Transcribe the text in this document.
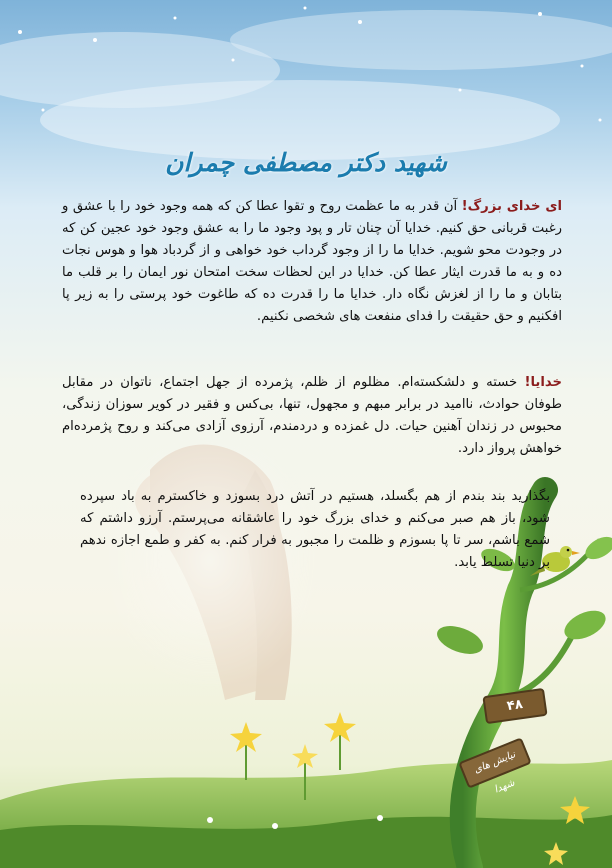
شهید دکتر مصطفی چمران
ای خدای بزرگ! آن قدر به ما عظمت روح و تقوا عطا کن که همه وجود خود را با عشق و رغبت قربانی حق کنیم. خدایا آن چنان تار و پود وجود ما را به عشق وجود خود عجین کن که در وجودت محو شویم. خدایا ما را از وجود گرداب خود خواهی و از گردباد هوا و هوس نجات ده و به ما قدرت ایثار عطا کن. خدایا در این لحظات سخت امتحان نور ایمان را بر قلب ما بتابان و ما را از لغزش نگاه دار. خدایا ما را قدرت ده که طاغوت خود پرستی را به زیر پا افکنیم و حق حقیقت را فدای منفعت های شخصی نکنیم.
خدایا! خسته و دلشکسته‌ام. مظلوم از ظلم، پژمرده از جهل اجتماع، ناتوان در مقابل طوفان حوادث، ناامید در برابر مبهم و مجهول، تنها، بی‌کس و فقیر در کویر سوزان زندگی، محبوس در زندان آهنین حیات. دل غمزده و دردمندم، آرزوی آزادی می‌کند و روح پژمرده‌ام خواهش پرواز دارد.
بگذارید بند بندم از هم بگسلد، هستیم در آتش درد بسوزد و خاکسترم به باد سپرده شود، باز هم صبر می‌کنم و خدای بزرگ خود را عاشقانه می‌پرستم. آرزو داشتم که شمع باشم، سر تا پا بسوزم و ظلمت را مجبور به فرار کنم. به کفر و طمع اجازه ندهم بر دنیا تسلط یابد.
۴۸
نیایش های شهدا
